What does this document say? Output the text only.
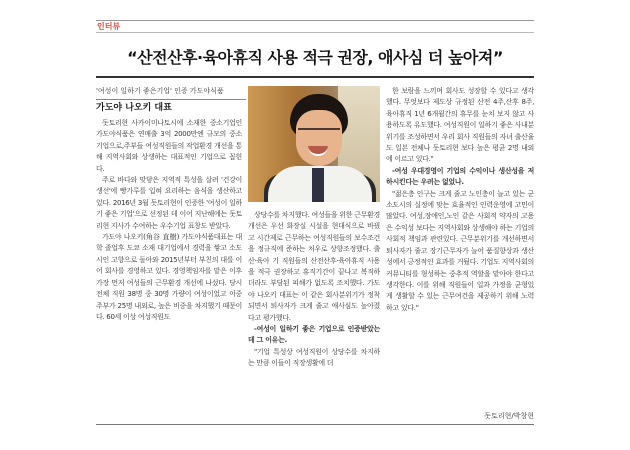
인터뷰
“산전산후·육아휴직 사용 적극 권장, 애사심 더 높아져”
'여성이 일하기 좋은기업' 인증 가도야식품
가도야 나오키 대표

돗토리현 사카이미나토시에 소재한 중소기업인 가도야식품은 연매출 3억 2000만엔 규모의 중소기업으로,주부들 여성직원들의 작업환경 개선을 통해 지역사회와 상생하는 대표적인 기업으로 꼽힌다.

주로 바다와 맞닿은 지역적 특성을 살려 '건강이 생선'에 빵가루를 입혀 요리하는 음식을 생산하고 있다. 2016년 3월 돗토리현이 인증한 '여성이 일하기 좋은 기업'으로 선정된 데 이어 지난해에는 돗토리현 지사가 수여하는 우수기업 표창도 받았다.

가도야 나오키(角谷 直樹) 가도야식품대표는 대학 졸업후 도쿄 소재 대기업에서 경력을 쌓고 소도시인 고향으로 돌아와 2015년부터 부친의 대를 이어 회사를 경영하고 있다. 경영책임자를 맡은 이후 가장 먼저 여성들의 근무환경 개선에 나섰다. 당시 전체 직원 38명 중 30명 가량이 여성이었고 이중 주부가 25명 내외로, 높은 비중을 차지했기 때문이다. 60세 이상 여성직원도

상당수를 차지했다. 여성들을 위한 근무환경 개선은 우선 화장실 시설을 현대식으로 바꿨고 시간제로 근무하는 여성직원들의 보수조건을 정규직에 준하는 처우로 상향조정했다. 출산·육아 기 직원들의 산전산후·육아휴직 사용을 적극 권장하고 휴직기간이 끝나고 복직하더라도 부담된 피해가 없도록 조치했다. 가도야 나오키 대표는 이 같은 회사분위기가 정착되면서 퇴사자가 크게 줄고 애사심도 높아졌다고 평가했다.

-여성이 일하기 좋은 기업으로 인증받았는데 그 이유는.

"기업 특성상 여성직원이 상당수를 차지하는 만큼 이들이 직장생활에 더

한 보람을 느끼며 회사도 성장할 수 있다고 생각했다. 무엇보다 제도상 규정된 산전 4주,산후 8주,육아휴직 1년 6개월간의 휴무를 눈치 보지 않고 사용하도록 유도했다. 여성직원이 일하기 좋은 사내분위기를 조성하면서 우리 회사 직원들의 자녀 출산율도 일본 전체나 돗토리현 보다 높은 평균 2명 내외에 이르고 있다."

-여성 우대경영이 기업의 수익이나 생산성을 저하시킨다는 우려는 없었나.

"젊은층 인구는 크게 줄고 노인층이 늘고 있는 군소도시의 실정에 맞는 효율적인 인력운영에 고민이 많았다. 여성,장애인,노인 같은 사회적 약자의 고용은 수익성 보다는 지역사회와 상생해야 하는 기업의 사회적 책임과 관련있다. 근무분위기를 개선하면서 퇴사자가 줄고 장기근무자가 늘어 품질향상과 생산성에서 긍정적인 효과를 거뒀다. 기업도 지역사회의 커뮤니티를 형성하는 중추적 역할을 맡아야 한다고 생각한다. 이를 위해 직원들이 일과 가정을 균형있게 생활할 수 있는 근무여건을 제공하기 위해 노력하고 있다."

돗토리현/박창현
